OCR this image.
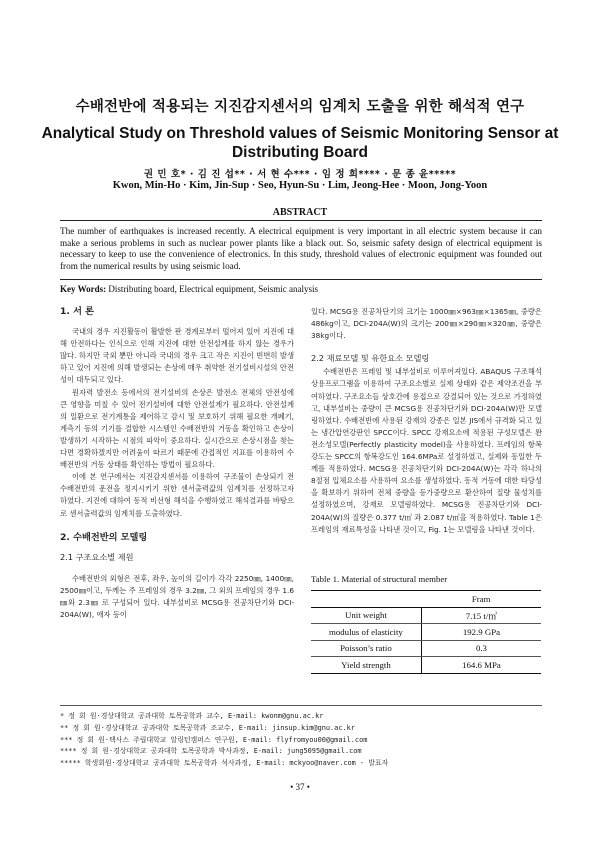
수배전반에 적용되는 지진감지센서의 임계치 도출을 위한 해석적 연구
Analytical Study on Threshold values of Seismic Monitoring Sensor at Distributing Board
권 민 호* · 김 진 섭** · 서 현 수*** · 임 정 희**** · 문 종 윤*****
Kwon, Min-Ho · Kim, Jin-Sup · Seo, Hyun-Su · Lim, Jeong-Hee · Moon, Jong-Yoon
ABSTRACT
The number of earthquakes is increased recently. A electrical equipment is very important in all electric system because it can make a serious problems in such as nuclear power plants like a black out. So, seismic safety design of electrical equipment is necessary to keep to use the convenience of electronics. In this study, threshold values of electronic equipment was founded out from the numerical results by using seismic load.
Key Words: Distributing board, Electrical equipment, Seismic analysis

1. 서 론

국내의 경우 지진활동이 활발한 판 경계로부터 떨어져 있어 지진에 대해 안전하다는 인식으로 인해 지진에 대한 안전설계를 하지 않는 경우가 많다. 하지만 국외 뿐만 아니라 국내의 경우 크고 작은 지진이 빈번히 발생하고 있어 지진에 의해 발생되는 손상에 매우 취약한 전기설비시설의 안전성이 대두되고 있다.

원자력 발전소 등에서의 전기설비의 손상은 발전소 전체의 안전성에 큰 영향을 미칠 수 있어 전기설비에 대한 안전설계가 필요하다. 안전설계의 일환으로 전기계통을 제어하고 감시 및 보호하기 위해 필요한 개폐기, 계측기 등의 기기를 결합한 시스템인 수배전반의 거동을 확인하고 손상이 발생하기 시작하는 시점의 파악이 중요하다. 실시간으로 손상시점을 찾는다면 경확하겠지만 어려움이 따르기 때문에 간접적인 지표를 이용하여 수배전반의 거동 상태를 확인하는 방법이 필요하다.

이에 본 연구에서는 지진감지센서를 이용하여 구조물이 손상되기 전 수배전반의 운전을 정지시키기 위한 센서출력값의 임계치를 선정하고자 하였다. 지진에 대하여 동적 비선형 해석을 수행하였고 해석결과를 바탕으로 센서출력값의 임계치를 도출하였다.

2. 수배전반의 모델링

2.1 구조요소별 제원

수배전반의 외형은 전후, 좌우, 높이의 길이가 각각 2250㎜, 1400㎜, 2500㎜이고, 두께는 주 프레임의 경우 3.2㎜, 그 외의 프레임의 경우 1.6㎜와 2.3㎜ 로 구성되어 있다. 내부설비로 MCSG용 진공차단기와 DCI-204A(W), 애자 등이

있다. MCSG용 진공차단기의 크기는 1000㎜×963㎜×1365㎜, 중량은 486kg이고, DCI-204A(W)의 크기는 200㎜×290㎜×320㎜, 중량은 38kg이다.

2.2 재료모델 및 유한요소 모델링

수배전반은 프레임 및 내부설비로 이루어져있다. ABAQUS 구조해석 상용프로그램을 이용하여 구조요소별로 실제 상태와 같은 제약조건을 부여하였다. 구조요소들 상호간에 용접으로 강결되어 있는 것으로 가정하였고, 내부설비는 중량이 큰 MCSG용 진공차단기와 DCI-204A(W)만 모델링하였다. 수배전반에 사용된 강재의 강종은 일본 JIS에서 규격화 되고 있는 냉간압연강판인 SPCC이다. SPCC 강재요소에 적용된 구성모델은 완전소성모델(Perfectly plasticity model)을 사용하였다. 프레임의 항복강도는 SPCC의 항복강도인 164.6MPa로 설정하였고, 실제와 동일한 두께를 적용하였다. MCSG용 진공차단기와 DCI-204A(W)는 각각 하나의 8절점 입체요소를 사용하여 요소를 생성하였다. 동적 거동에 대한 타당성을 확보하기 위하여 전체 중량을 등가중량으로 환산하여 질량 물성치를 설정하였으며, 강재로 모델링하였다. MCSG용 진공차단기와 DCI-204A(W)의 질량은 0.377 t/㎥ 과 2.087 t/㎥을 적용하였다. Table 1은 프레임의 재료특성을 나타낸 것이고, Fig. 1는 모델링을 나타낸 것이다.

Table 1. Material of structural member
	Fram
Unit weight	7.15 t/㎥
modulus of elasticity	192.9 GPa
Poisson’s ratio	0.3
Yield strength	164.6 MPa
* 정 회 원·경상대학교 공과대학 토목공학과 교수, E-mail: kwonm@gnu.ac.kr
** 정 회 원·경상대학교 공과대학 토목공학과 조교수, E-mail: jinsup.kim@gnu.ac.kr
*** 정 회 원·택사스 주립대학교 알링턴캠퍼스 연구원, E-mail: flyfromyou00@gmail.com
**** 정 회 원·경상대학교 공과대학 토목공학과 박사과정, E-mail: jung5095@gmail.com
***** 학생회원·경상대학교 공과대학 토목공학과 석사과정, E-mail: mckyoo@naver.com - 발표자
• 37 •
